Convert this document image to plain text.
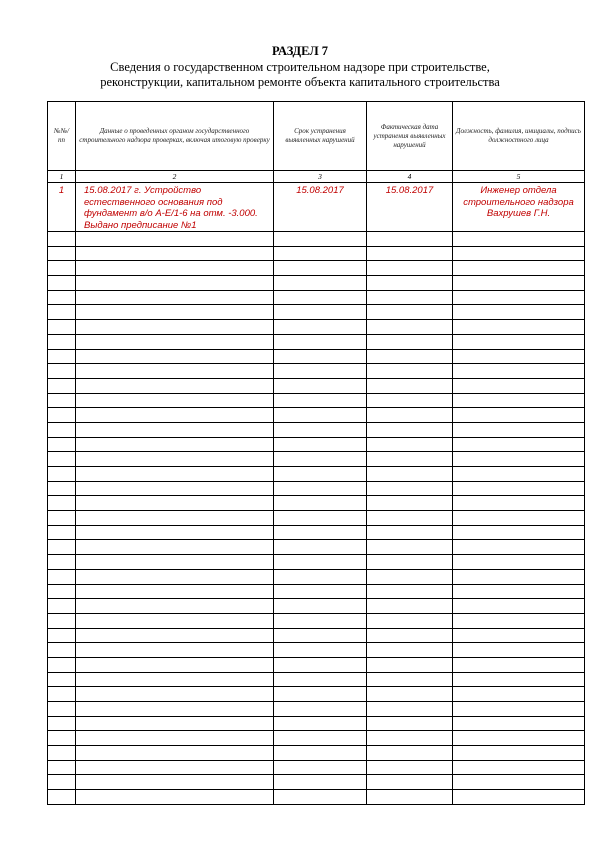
РАЗДЕЛ 7
Сведения о государственном строительном надзоре при строительстве,
реконструкции, капитальном ремонте объекта капитального строительства
№№/ пп	Данные о проведенных органом государственного строительного надзора проверках, включая итоговую проверку	Срок устранения выявленных нарушений	Фактическая дата устранения выявленных нарушений	Должность, фамилия, инициалы, подпись должностного лица
1	2	3	4	5
1	15.08.2017 г. Устройство естественного основания под фундамент в/о А-Е/1-6 на отм. -3.000. Выдано предписание №1	15.08.2017	15.08.2017	Инженер отдела строительного надзора Вахрушев Г.Н.
